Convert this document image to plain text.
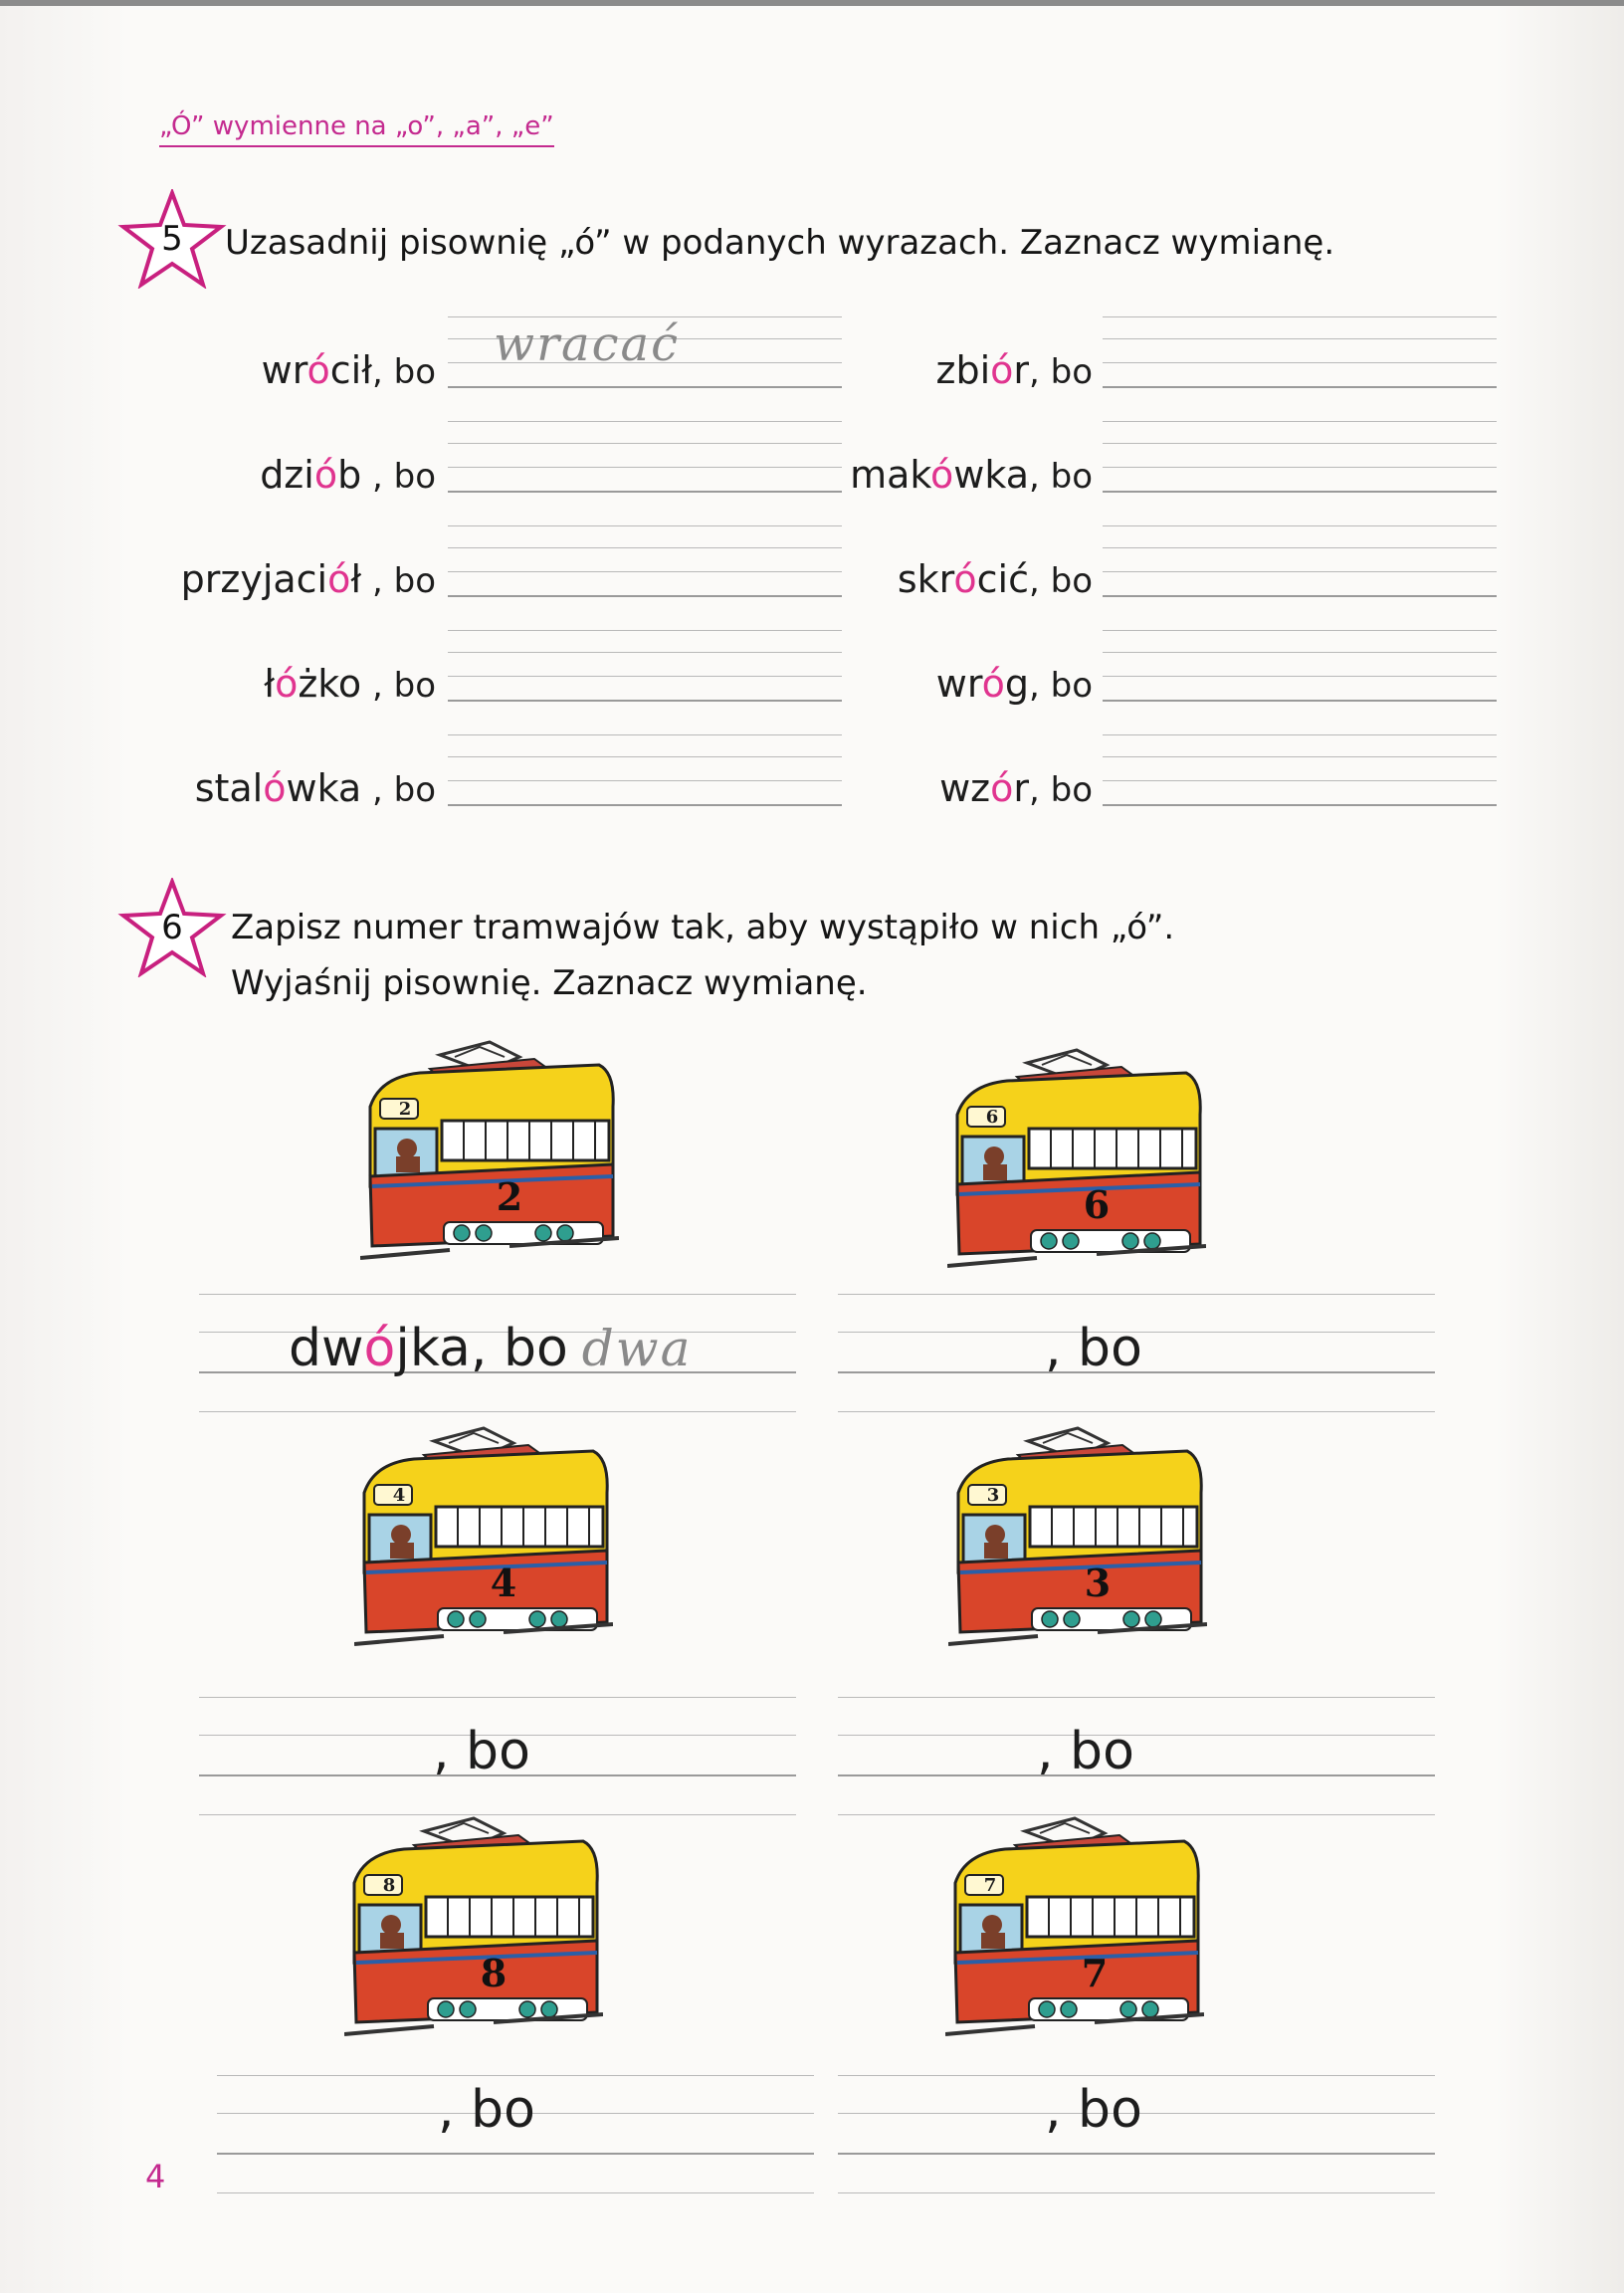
„Ó” wymienne na „o”, „a”, „e”
5	Uzasadnij pisownię „ó” w podanych wyrazach. Zaznacz wymianę.
wrócił, bo wracać
dziób , bo
przyjaciół , bo
łóżko , bo
stalówka , bo
zbiór, bo
makówka, bo
skrócić, bo
wróg, bo
wzór, bo
6	Zapisz numer tramwajów tak, aby wystąpiło w nich „ó”.
Wyjaśnij pisownię. Zaznacz wymianę.
2
2
dwójka, bo dwa
6
6
, bo
4
4
, bo
3
3
, bo
8
8
, bo
7
7
, bo
4
